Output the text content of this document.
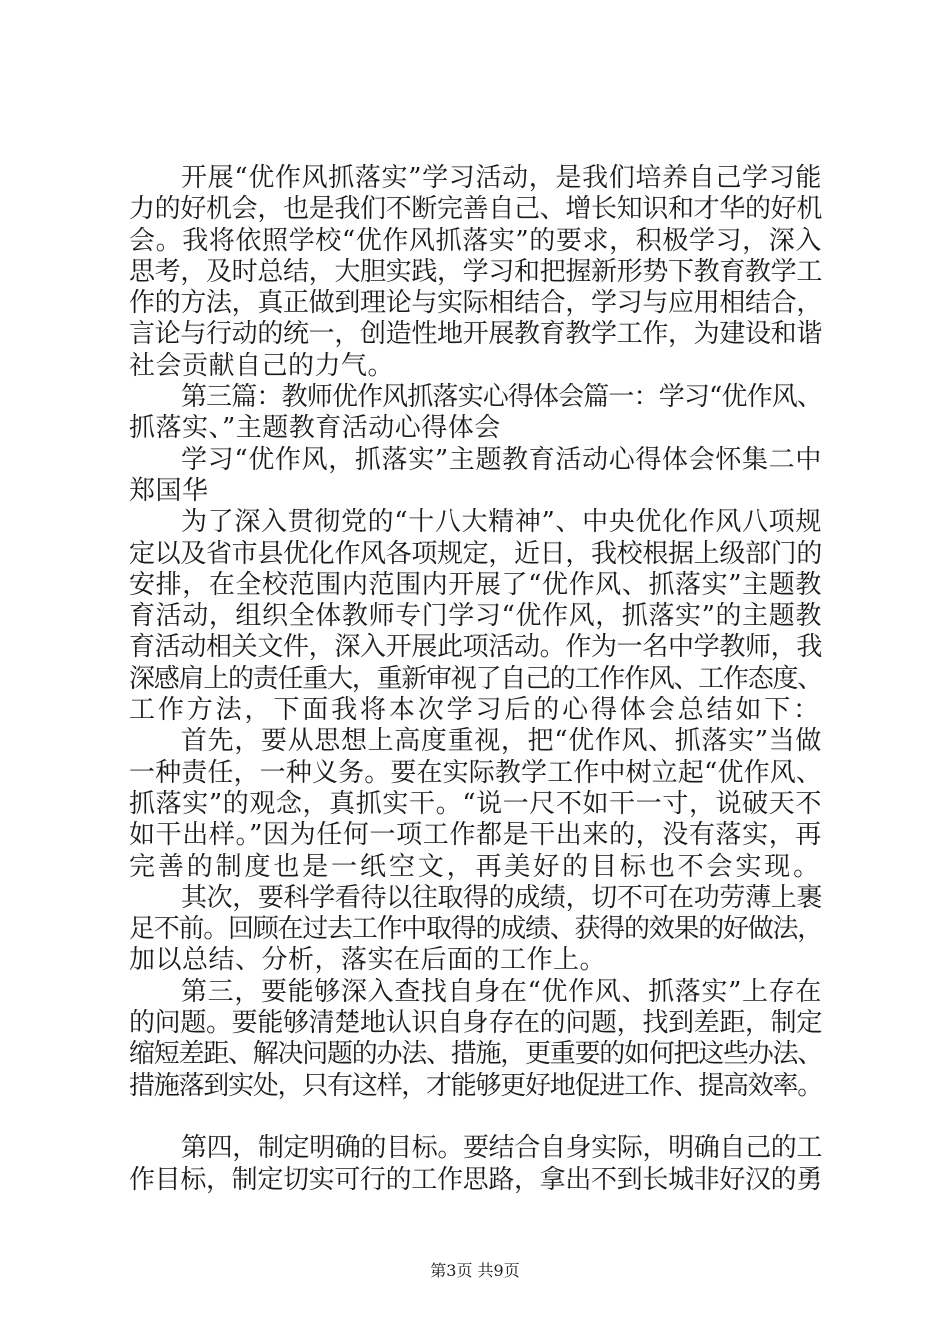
开展“优作风抓落实”学习活动，是我们培养自己学习能
力的好机会，也是我们不断完善自己、增长知识和才华的好机
会。我将依照学校“优作风抓落实”的要求，积极学习，深入
思考，及时总结，大胆实践，学习和把握新形势下教育教学工
作的方法，真正做到理论与实际相结合，学习与应用相结合，
言论与行动的统一，创造性地开展教育教学工作，为建设和谐
社会贡献自己的力气。
第三篇：教师优作风抓落实心得体会篇一：学习“优作风、
抓落实、”主题教育活动心得体会
学习“优作风，抓落实”主题教育活动心得体会怀集二中
郑国华
为了深入贯彻党的“十八大精神”、中央优化作风八项规
定以及省市县优化作风各项规定，近日，我校根据上级部门的
安排，在全校范围内范围内开展了“优作风、抓落实”主题教
育活动，组织全体教师专门学习“优作风，抓落实”的主题教
育活动相关文件，深入开展此项活动。作为一名中学教师，我
深感肩上的责任重大，重新审视了自己的工作作风、工作态度、
工作方法，下面我将本次学习后的心得体会总结如下：
首先，要从思想上高度重视，把“优作风、抓落实”当做
一种责任，一种义务。要在实际教学工作中树立起“优作风、
抓落实”的观念，真抓实干。“说一尺不如干一寸，说破天不
如干出样。”因为任何一项工作都是干出来的，没有落实，再
完善的制度也是一纸空文，再美好的目标也不会实现。
其次，要科学看待以往取得的成绩，切不可在功劳薄上裹
足不前。回顾在过去工作中取得的成绩、获得的效果的好做法，
加以总结、分析，落实在后面的工作上。
第三，要能够深入查找自身在“优作风、抓落实”上存在
的问题。要能够清楚地认识自身存在的问题，找到差距，制定
缩短差距、解决问题的办法、措施，更重要的如何把这些办法、
措施落到实处，只有这样，才能够更好地促进工作、提高效率。
第四，制定明确的目标。要结合自身实际，明确自己的工
作目标，制定切实可行的工作思路，拿出不到长城非好汉的勇
第3页 共9页
